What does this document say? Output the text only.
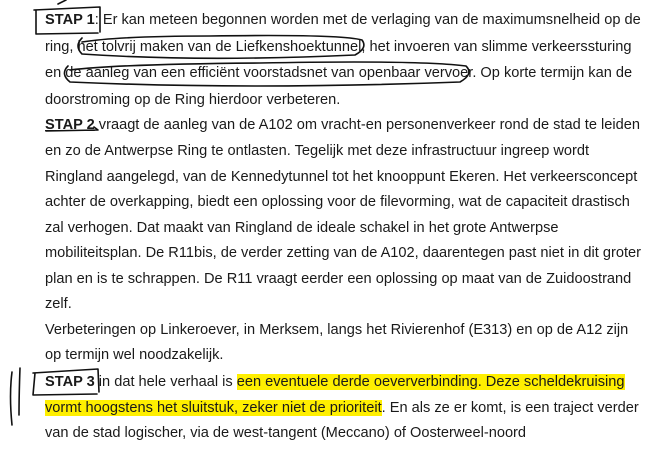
STAP 1: Er kan meteen begonnen worden met de verlaging van de maximumsnelheid op de
ring, het tolvrij maken van de Liefkenshoektunnel, het invoeren van slimme verkeerssturing
en de aanleg van een efficiënt voorstadsnet van openbaar vervoer. Op korte termijn kan de
doorstroming op de Ring hierdoor verbeteren.
STAP 2 vraagt de aanleg van de A102 om vracht-en personenverkeer rond de stad te leiden
en zo de Antwerpse Ring te ontlasten. Tegelijk met deze infrastructuur ingreep wordt
Ringland aangelegd, van de Kennedytunnel tot het knooppunt Ekeren. Het verkeersconcept
achter de overkapping, biedt een oplossing voor de filevorming, wat de capaciteit drastisch
zal verhogen. Dat maakt van Ringland de ideale schakel in het grote Antwerpse
mobiliteitsplan. De R11bis, de verder zetting van de A102, daarentegen past niet in dit groter
plan en is te schrappen. De R11 vraagt eerder een oplossing op maat van de Zuidoostrand
zelf.
Verbeteringen op Linkeroever, in Merksem, langs het Rivierenhof (E313) en op de A12 zijn
op termijn wel noodzakelijk.
STAP 3 in dat hele verhaal is een eventuele derde oeververbinding. Deze scheldekruising
vormt hoogstens het sluitstuk, zeker niet de prioriteit. En als ze er komt, is een traject verder
van de stad logischer, via de west-tangent (Meccano) of Oosterweel-noord
